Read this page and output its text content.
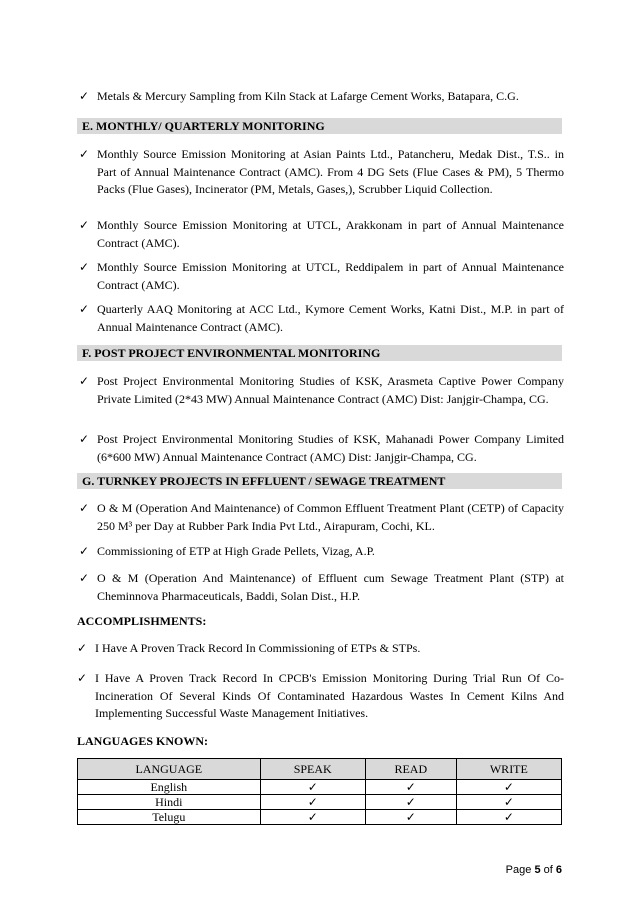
✓ Metals & Mercury Sampling from Kiln Stack at Lafarge Cement Works, Batapara, C.G.
E. MONTHLY/ QUARTERLY MONITORING
✓ Monthly Source Emission Monitoring at Asian Paints Ltd., Patancheru, Medak Dist., T.S.. in Part of Annual Maintenance Contract (AMC). From 4 DG Sets (Flue Cases & PM), 5 Thermo Packs (Flue Gases), Incinerator (PM, Metals, Gases,), Scrubber Liquid Collection.
✓ Monthly Source Emission Monitoring at UTCL, Arakkonam in part of Annual Maintenance Contract (AMC).
✓ Monthly Source Emission Monitoring at UTCL, Reddipalem in part of Annual Maintenance Contract (AMC).
✓ Quarterly AAQ Monitoring at ACC Ltd., Kymore Cement Works, Katni Dist., M.P. in part of Annual Maintenance Contract (AMC).
F. POST PROJECT ENVIRONMENTAL MONITORING
✓ Post Project Environmental Monitoring Studies of KSK, Arasmeta Captive Power Company Private Limited (2*43 MW) Annual Maintenance Contract (AMC) Dist: Janjgir-Champa, CG.
✓ Post Project Environmental Monitoring Studies of KSK, Mahanadi Power Company Limited (6*600 MW) Annual Maintenance Contract (AMC) Dist: Janjgir-Champa, CG.
G. TURNKEY PROJECTS IN EFFLUENT / SEWAGE TREATMENT
✓ O & M (Operation And Maintenance) of Common Effluent Treatment Plant (CETP) of Capacity 250 M³ per Day at Rubber Park India Pvt Ltd., Airapuram, Cochi, KL.
✓ Commissioning of ETP at High Grade Pellets, Vizag, A.P.
✓ O & M (Operation And Maintenance) of Effluent cum Sewage Treatment Plant (STP) at Cheminnova Pharmaceuticals, Baddi, Solan Dist., H.P.
ACCOMPLISHMENTS:
✓ I Have A Proven Track Record In Commissioning of ETPs & STPs.
✓ I Have A Proven Track Record In CPCB's Emission Monitoring During Trial Run Of Co-Incineration Of Several Kinds Of Contaminated Hazardous Wastes In Cement Kilns And Implementing Successful Waste Management Initiatives.
LANGUAGES KNOWN:
LANGUAGE	SPEAK	READ	WRITE
English	✓	✓	✓
Hindi	✓	✓	✓
Telugu	✓	✓	✓
Page 5 of 6
